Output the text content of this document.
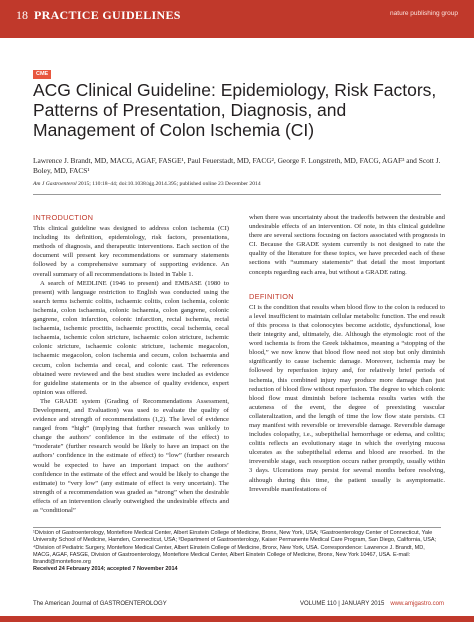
18 PRACTICE GUIDELINES	nature publishing group
CME
ACG Clinical Guideline: Epidemiology, Risk Factors, Patterns of Presentation, Diagnosis, and Management of Colon Ischemia (CI)
Lawrence J. Brandt, MD, MACG, AGAF, FASGE¹, Paul Feuerstadt, MD, FACG², George F. Longstreth, MD, FACG, AGAF³ and Scott J. Boley, MD, FACS¹
Am J Gastroenterol 2015; 110:18–44; doi:10.1038/ajg.2014.395; published online 23 December 2014
INTRODUCTION

This clinical guideline was designed to address colon ischemia (CI) including its definition, epidemiology, risk factors, presentations, methods of diagnosis, and therapeutic interventions. Each section of the document will present key recommendations or summary statements followed by a comprehensive summary of supporting evidence. An overall summary of all recommendations is listed in Table 1.

A search of MEDLINE (1946 to present) and EMBASE (1980 to present) with language restriction to English was conducted using the search terms ischemic colitis, ischaemic colitis, colon ischemia, colonic ischemia, colon ischaemia, colonic ischaemia, colon gangrene, colonic gangrene, colon infarction, colonic infarction, rectal ischemia, rectal ischaemia, ischemic proctitis, ischaemic proctitis, cecal ischemia, cecal ischaemia, ischemic colon stricture, ischaemic colon stricture, ischemic colonic stricture, ischaemic colonic stricture, ischemic megacolon, ischaemic megacolon, colon ischemia and cecum, colon ischaemia and cecum, colon ischemia and cecal, and colonic cast. The references obtained were reviewed and the best studies were included as evidence for guideline statements or in the absence of quality evidence, expert opinion was offered.

The GRADE system (Grading of Recommendations Assessment, Development, and Evaluation) was used to evaluate the quality of evidence and strength of recommendations (1,2). The level of evidence ranged from “high” (implying that further research was unlikely to change the authors’ confidence in the estimate of the effect) to “moderate” (further research would be likely to have an impact on the authors’ confidence in the estimate of effect) to “low” (further research would be expected to have an important impact on the authors’ confidence in the estimate of the effect and would be likely to change the estimate) to “very low” (any estimate of effect is very uncertain). The strength of a recommendation was graded as “strong” when the desirable effects of an intervention clearly outweighed the undesirable effects and as “conditional”

when there was uncertainty about the tradeoffs between the desirable and undesirable effects of an intervention. Of note, in this clinical guideline there are several sections focusing on factors associated with prognosis in CI. Because the GRADE system currently is not designed to rate the quality of the literature for these topics, we have preceded each of these sections with “summary statements” that detail the most important concepts regarding each area, but without a GRADE rating.

DEFINITION

CI is the condition that results when blood flow to the colon is reduced to a level insufficient to maintain cellular metabolic function. The end result of this process is that colonocytes become acidotic, dysfunctional, lose their integrity and, ultimately, die. Although the etymologic root of the word ischemia is from the Greek iskhaimos, meaning a “stopping of the blood,” we now know that blood flow need not stop but only diminish significantly to cause ischemic damage. Moreover, ischemia may be followed by reperfusion injury and, for relatively brief periods of ischemia, this combined injury may produce more damage than just reduction of blood flow without reperfusion. The degree to which colonic blood flow must diminish before ischemia results varies with the acuteness of the event, the degree of preexisting vascular collateralization, and the length of time the low flow state persists. CI may manifest with reversible or irreversible damage. Reversible damage includes colopathy, i.e., subepithelial hemorrhage or edema, and colitis; colitis reflects an evolutionary stage in which the overlying mucosa ulcerates as the subepithelial edema and blood are resorbed. In the irreversible stage, such resorption occurs rather promptly, usually within 3 days. Ulcerations may persist for several months before resolving, although during this time, the patient usually is asymptomatic. Irreversible manifestations of

¹Division of Gastroenterology, Montefiore Medical Center, Albert Einstein College of Medicine, Bronx, New York, USA; ²Gastroenterology Center of Connecticut, Yale University School of Medicine, Hamden, Connecticut, USA; ³Department of Gastroenterology, Kaiser Permanente Medical Care Program, San Diego, California, USA; ⁴Division of Pediatric Surgery, Montefiore Medical Center, Albert Einstein College of Medicine, Bronx, New York, USA. Correspondence: Lawrence J. Brandt, MD, MACG, AGAF, FASGE, Division of Gastroenterology, Montefiore Medical Center, Albert Einstein College of Medicine, Bronx, New York 10467, USA. E-mail: lbrandt@montefiore.org
Received 24 February 2014; accepted 7 November 2014
The American Journal of GASTROENTEROLOGY	VOLUME 110 | JANUARY 2015 www.amjgastro.com
